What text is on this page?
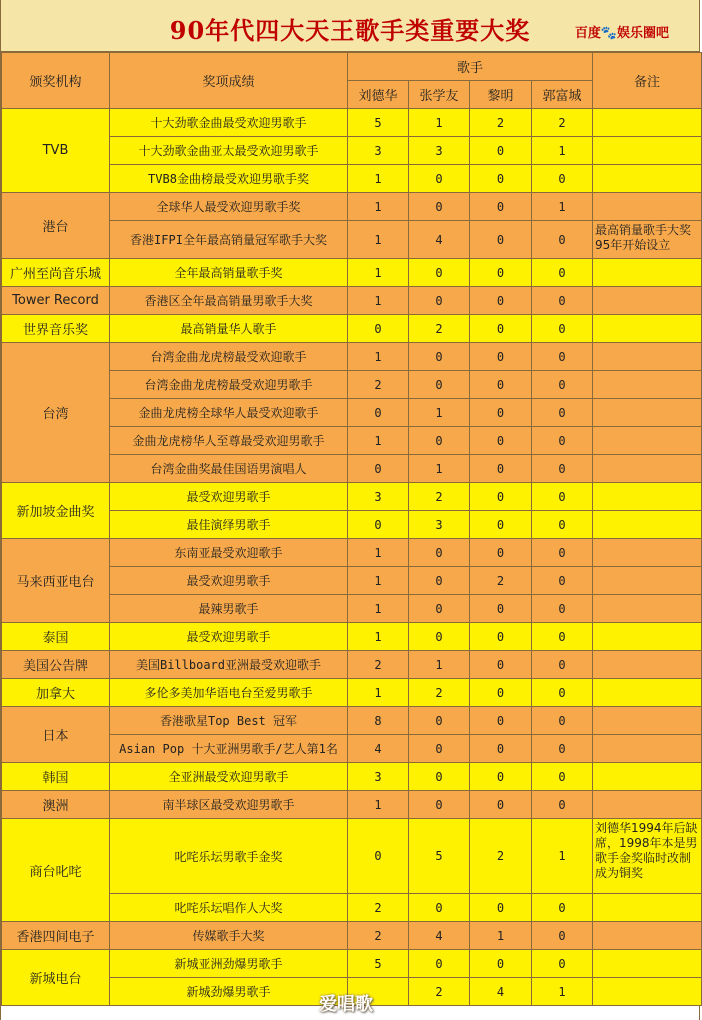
90年代四大天王歌手类重要大奖	百度🐾娱乐圈吧
颁奖机构	奖项成绩	歌手				备注
		刘德华	张学友	黎明	郭富城	
TVB	十大劲歌金曲最受欢迎男歌手	5	1	2	2	
	十大劲歌金曲亚太最受欢迎男歌手	3	3	0	1	
	TVB8金曲榜最受欢迎男歌手奖	1	0	0	0	
港台	全球华人最受欢迎男歌手奖	1	0	0	1	
	香港IFPI全年最高销量冠军歌手大奖	1	4	0	0	最高销量歌手大奖95年开始设立
广州至尚音乐城	全年最高销量歌手奖	1	0	0	0	
Tower Record	香港区全年最高销量男歌手大奖	1	0	0	0	
世界音乐奖	最高销量华人歌手	0	2	0	0	
台湾	台湾金曲龙虎榜最受欢迎歌手	1	0	0	0	
	台湾金曲龙虎榜最受欢迎男歌手	2	0	0	0	
	金曲龙虎榜全球华人最受欢迎歌手	0	1	0	0	
	金曲龙虎榜华人至尊最受欢迎男歌手	1	0	0	0	
	台湾金曲奖最佳国语男演唱人	0	1	0	0	
新加坡金曲奖	最受欢迎男歌手	3	2	0	0	
	最佳演绎男歌手	0	3	0	0	
马来西亚电台	东南亚最受欢迎歌手	1	0	0	0	
	最受欢迎男歌手	1	0	2	0	
	最辣男歌手	1	0	0	0	
泰国	最受欢迎男歌手	1	0	0	0	
美国公告牌	美国Billboard亚洲最受欢迎歌手	2	1	0	0	
加拿大	多伦多美加华语电台至爱男歌手	1	2	0	0	
日本	香港歌星Top Best 冠军	8	0	0	0	
	Asian Pop 十大亚洲男歌手/艺人第1名	4	0	0	0	
韩国	全亚洲最受欢迎男歌手	3	0	0	0	
澳洲	南半球区最受欢迎男歌手	1	0	0	0	
商台叱咤	叱咤乐坛男歌手金奖	0	5	2	1	刘德华1994年后缺席，1998年本是男歌手金奖临时改制成为铜奖
	叱咤乐坛唱作人大奖	2	0	0	0	
香港四间电子	传媒歌手大奖	2	4	1	0	
新城电台	新城亚洲劲爆男歌手	5	0	0	0	
	新城劲爆男歌手		2	4	1	
爱唱歌
